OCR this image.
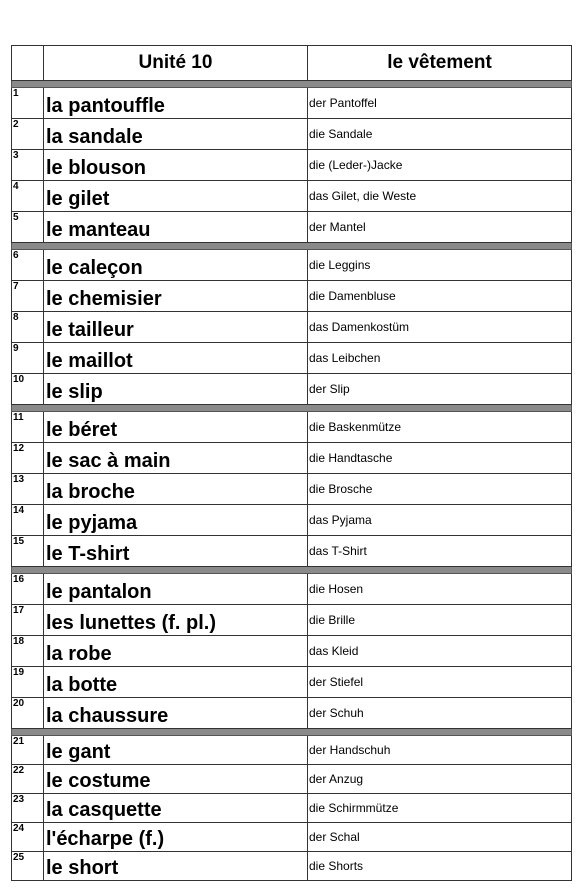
	Unité 10	le vêtement

1	la pantouffle	der Pantoffel
2	la sandale	die Sandale
3	le blouson	die (Leder-)Jacke
4	le gilet	das Gilet, die Weste
5	le manteau	der Mantel

6	le caleçon	die Leggins
7	le chemisier	die Damenbluse
8	le tailleur	das Damenkostüm
9	le maillot	das Leibchen
10	le slip	der Slip

11	le béret	die Baskenmütze
12	le sac à main	die Handtasche
13	la broche	die Brosche
14	le pyjama	das Pyjama
15	le T-shirt	das T-Shirt

16	le pantalon	die Hosen
17	les lunettes (f. pl.)	die Brille
18	la robe	das Kleid
19	la botte	der Stiefel
20	la chaussure	der Schuh

21	le gant	der Handschuh
22	le costume	der Anzug
23	la casquette	die Schirmmütze
24	l'écharpe (f.)	der Schal
25	le short	die Shorts
